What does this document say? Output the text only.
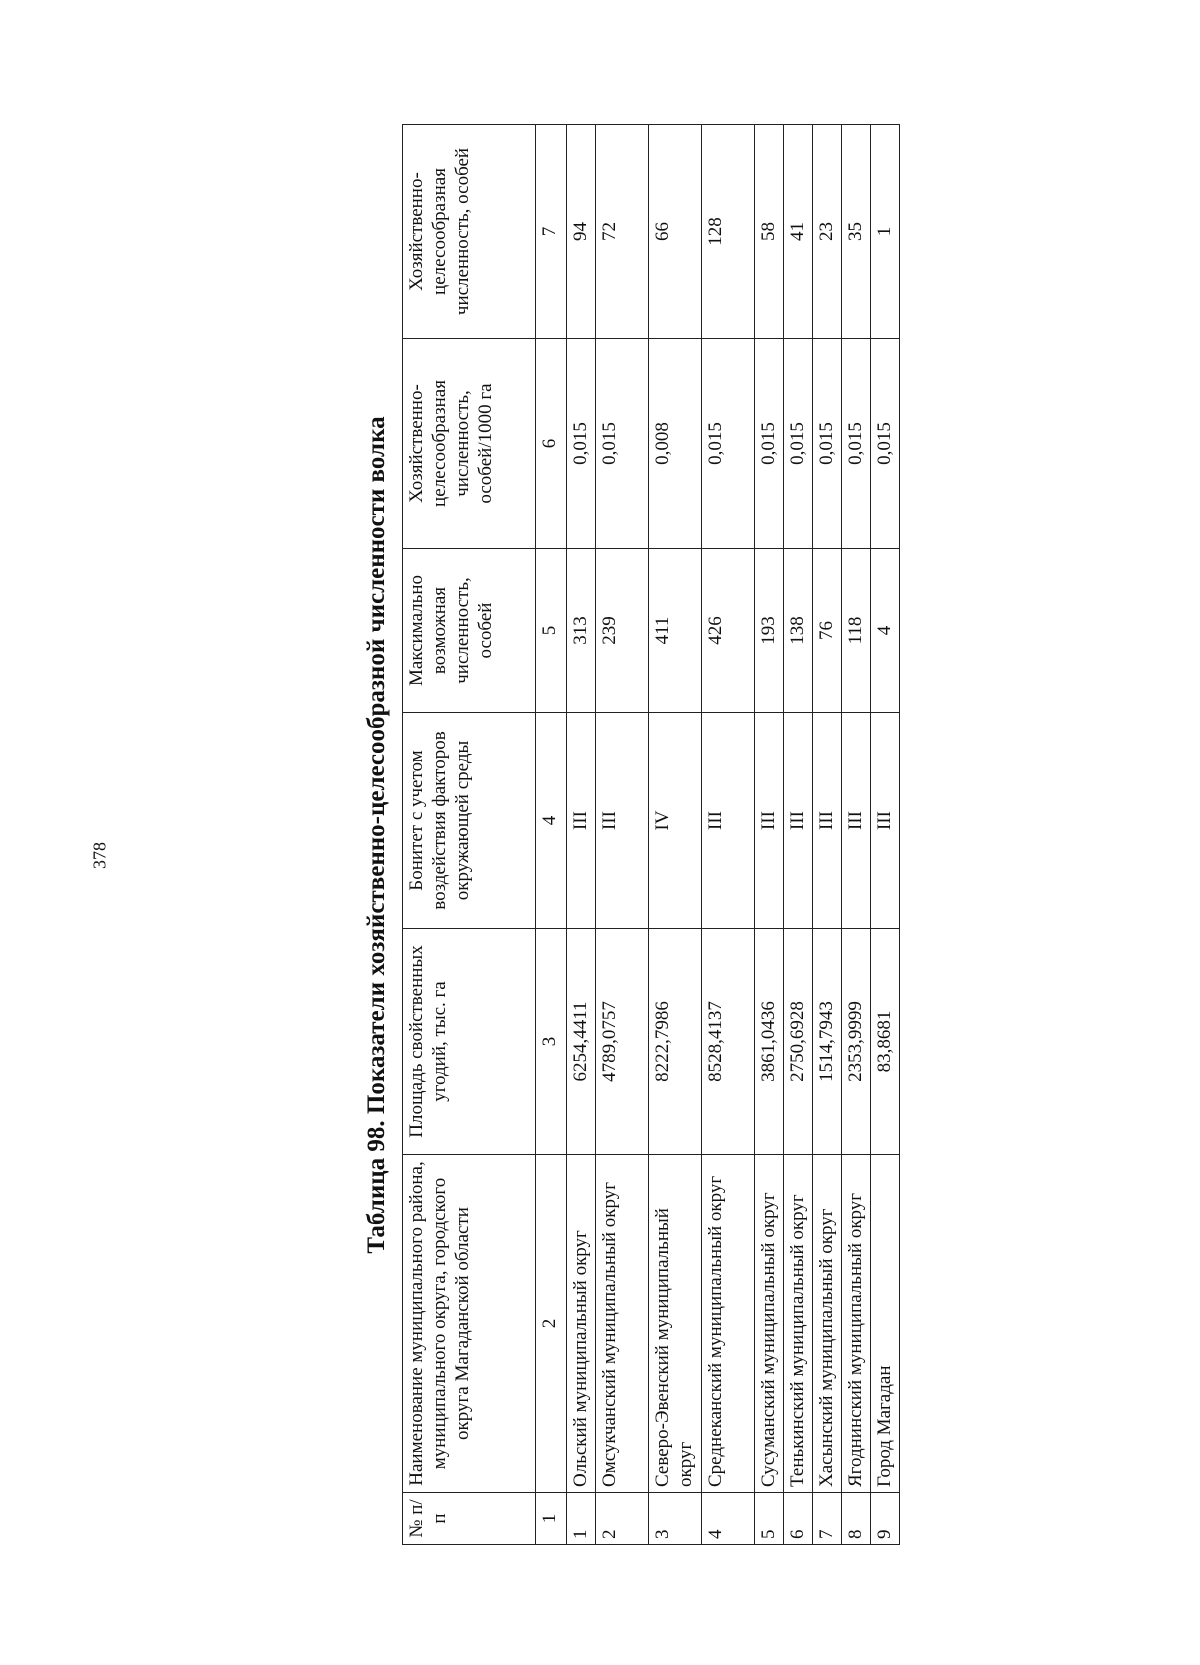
378	Таблица 98. Показатели хозяйственно-целесообразной численности волка
№ п/п	Наименование муниципального района, муниципального округа, городского округа Магаданской области	Площадь свойственных угодий, тыс. га	Бонитет с учетом воздействия факторов окружающей среды	Максимально возможная численность, особей	Хозяйственно-целесообразная численность, особей/1000 га	Хозяйственно-целесообразная численность, особей
1	2	3	4	5	6	7
1	Ольский муниципальный округ	6254,4411	III	313	0,015	94
2	Омсукчанский муниципальный округ	4789,0757	III	239	0,015	72
3	Северо-Эвенский муниципальный округ	8222,7986	IV	411	0,008	66
4	Среднеканский муниципальный округ	8528,4137	III	426	0,015	128
5	Сусуманский муниципальный округ	3861,0436	III	193	0,015	58
6	Тенькинский муниципальный округ	2750,6928	III	138	0,015	41
7	Хасынский муниципальный округ	1514,7943	III	76	0,015	23
8	Ягоднинский муниципальный округ	2353,9999	III	118	0,015	35
9	Город Магадан	83,8681	III	4	0,015	1
